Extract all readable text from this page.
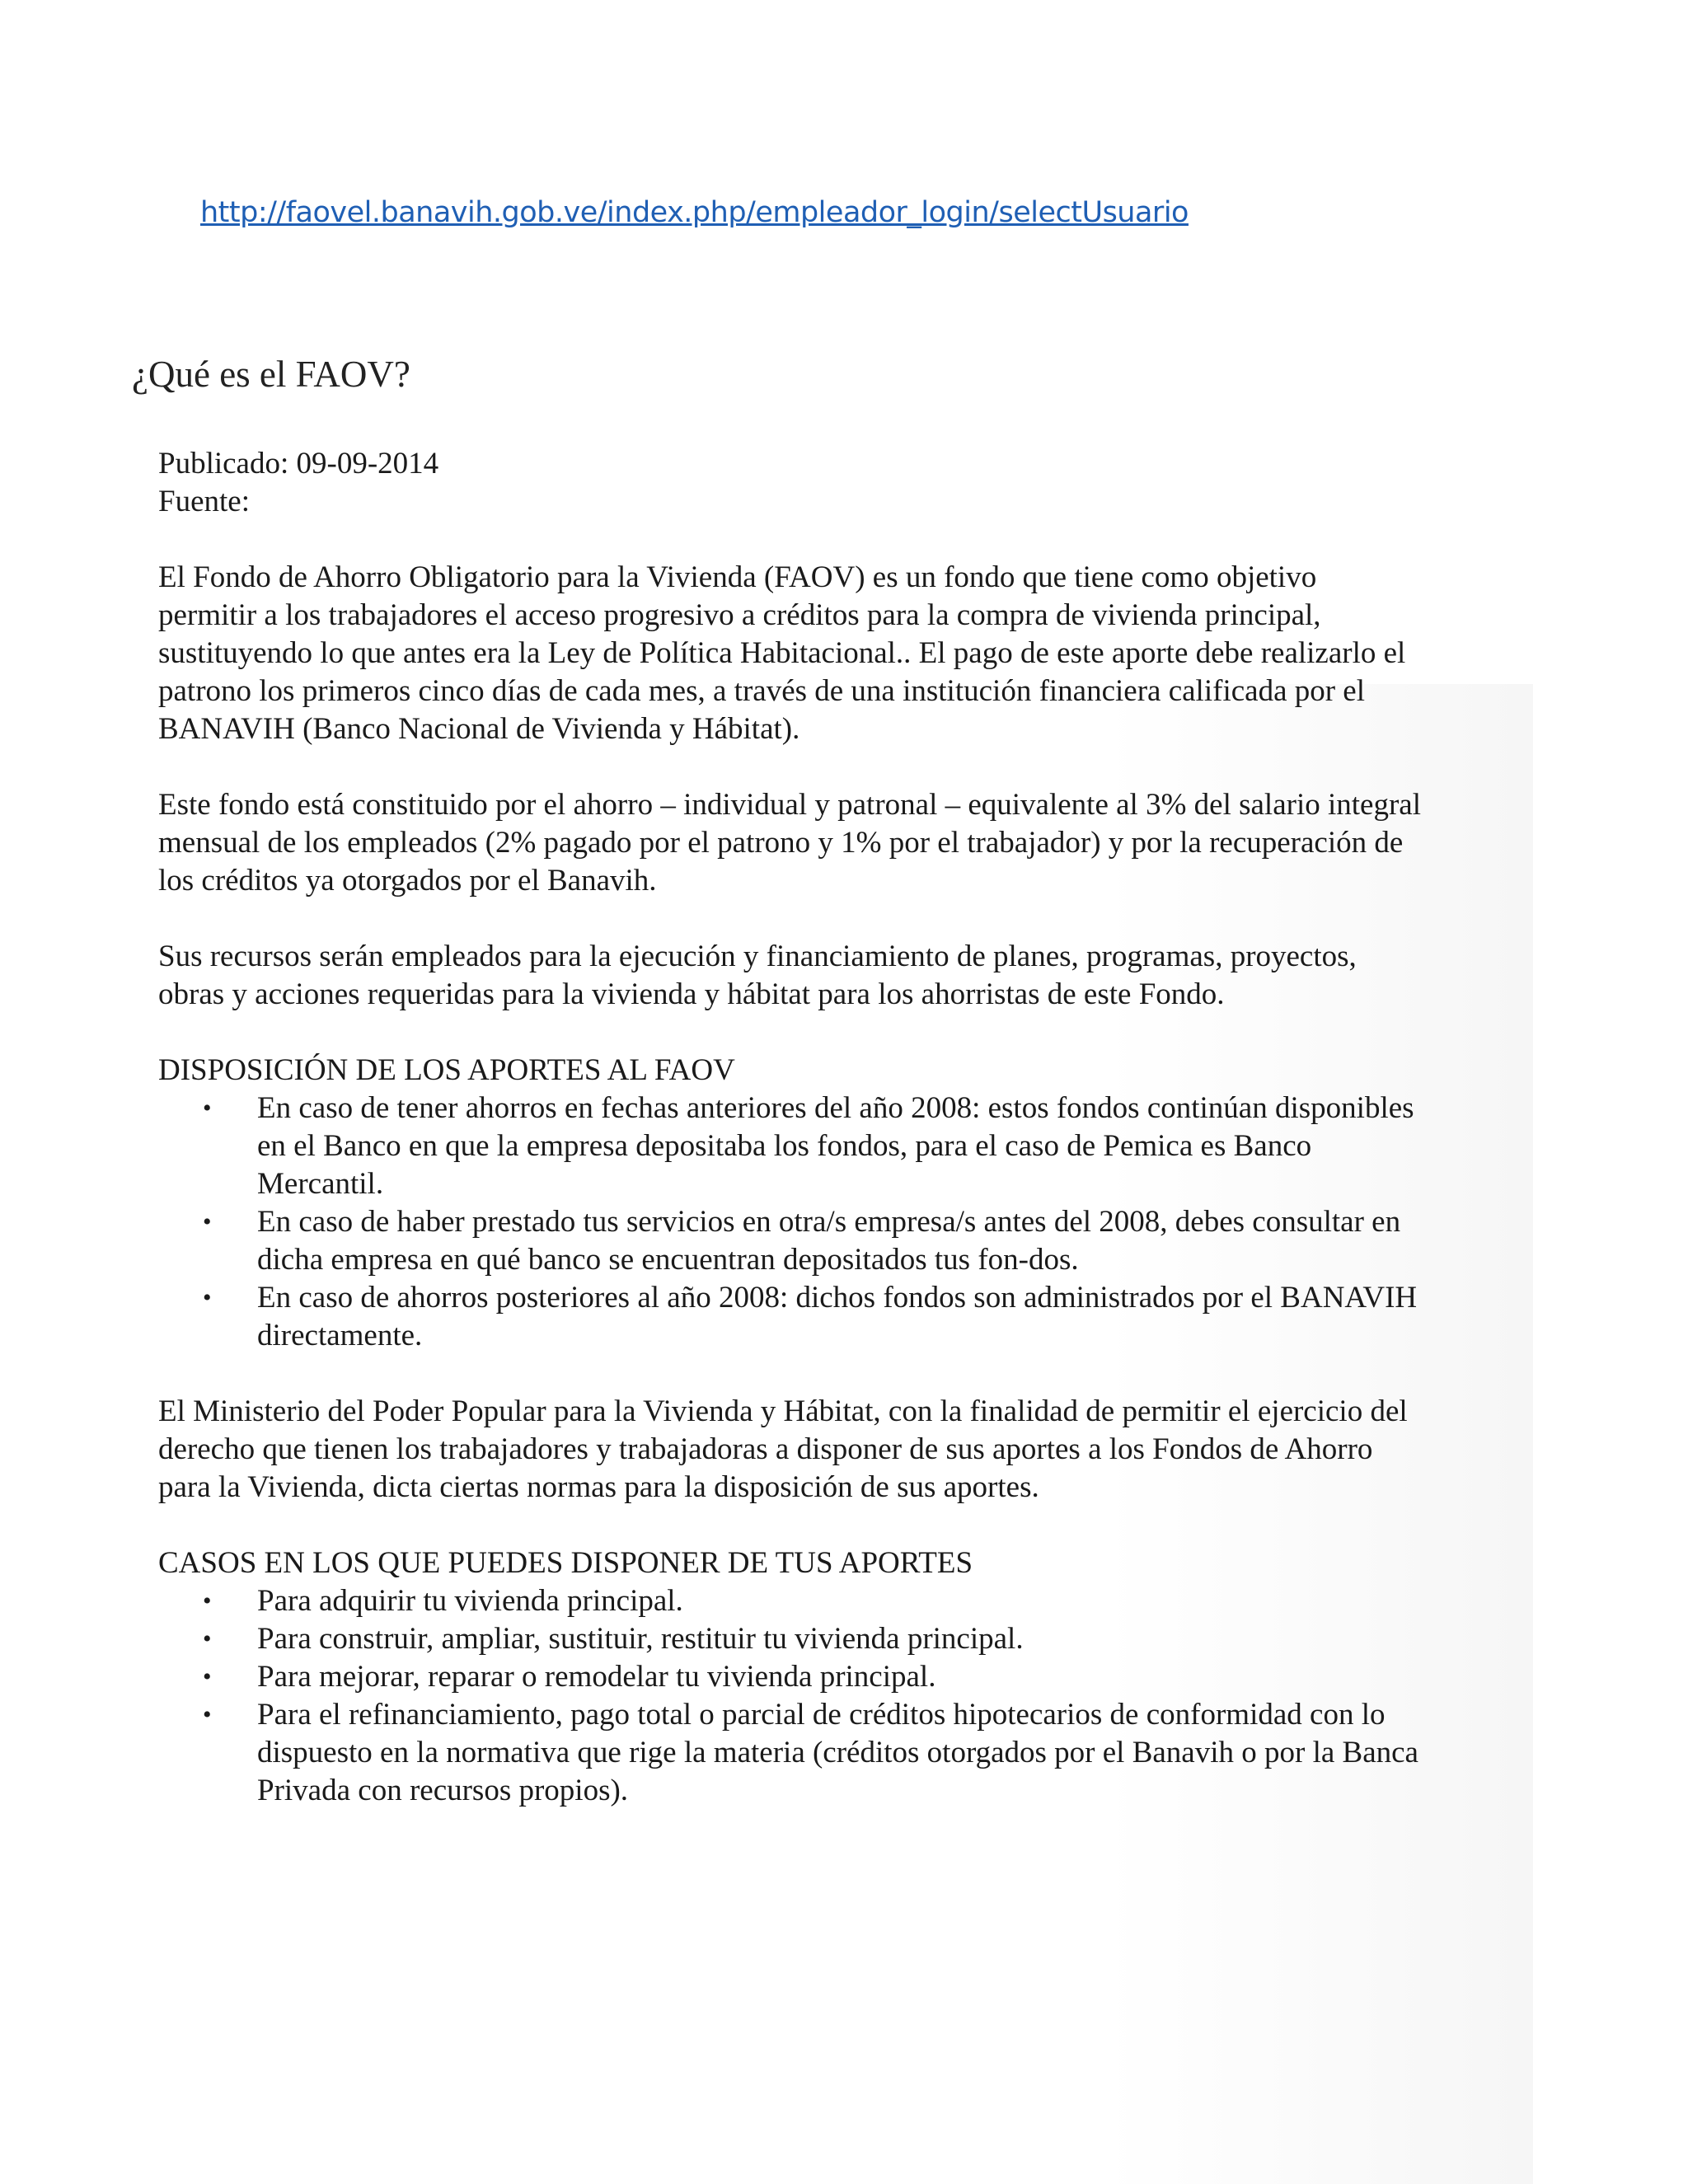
http://faovel.banavih.gob.ve/index.php/empleador_login/selectUsuario
¿Qué es el FAOV?

Publicado: 09-09-2014

Fuente:

El Fondo de Ahorro Obligatorio para la Vivienda (FAOV) es un fondo que tiene como objetivo

permitir a los trabajadores el acceso progresivo a créditos para la compra de vivienda principal,

sustituyendo lo que antes era la Ley de Política Habitacional.. El pago de este aporte debe realizarlo el

patrono los primeros cinco días de cada mes, a través de una institución financiera calificada por el

BANAVIH (Banco Nacional de Vivienda y Hábitat).

Este fondo está constituido por el ahorro – individual y patronal – equivalente al 3% del salario integral

mensual de los empleados (2% pagado por el patrono y 1% por el trabajador) y por la recuperación de

los créditos ya otorgados por el Banavih.

Sus recursos serán empleados para la ejecución y financiamiento de planes, programas, proyectos,

obras y acciones requeridas para la vivienda y hábitat para los ahorristas de este Fondo.

DISPOSICIÓN DE LOS APORTES AL FAOV

• En caso de tener ahorros en fechas anteriores del año 2008: estos fondos continúan disponibles

en el Banco en que la empresa depositaba los fondos, para el caso de Pemica es Banco

Mercantil.

• En caso de haber prestado tus servicios en otra/s empresa/s antes del 2008, debes consultar en

dicha empresa en qué banco se encuentran depositados tus fon-dos.

• En caso de ahorros posteriores al año 2008: dichos fondos son administrados por el BANAVIH

directamente.

El Ministerio del Poder Popular para la Vivienda y Hábitat, con la finalidad de permitir el ejercicio del

derecho que tienen los trabajadores y trabajadoras a disponer de sus aportes a los Fondos de Ahorro

para la Vivienda, dicta ciertas normas para la disposición de sus aportes.

CASOS EN LOS QUE PUEDES DISPONER DE TUS APORTES

• Para adquirir tu vivienda principal.

• Para construir, ampliar, sustituir, restituir tu vivienda principal.

• Para mejorar, reparar o remodelar tu vivienda principal.

• Para el refinanciamiento, pago total o parcial de créditos hipotecarios de conformidad con lo

dispuesto en la normativa que rige la materia (créditos otorgados por el Banavih o por la Banca

Privada con recursos propios).
